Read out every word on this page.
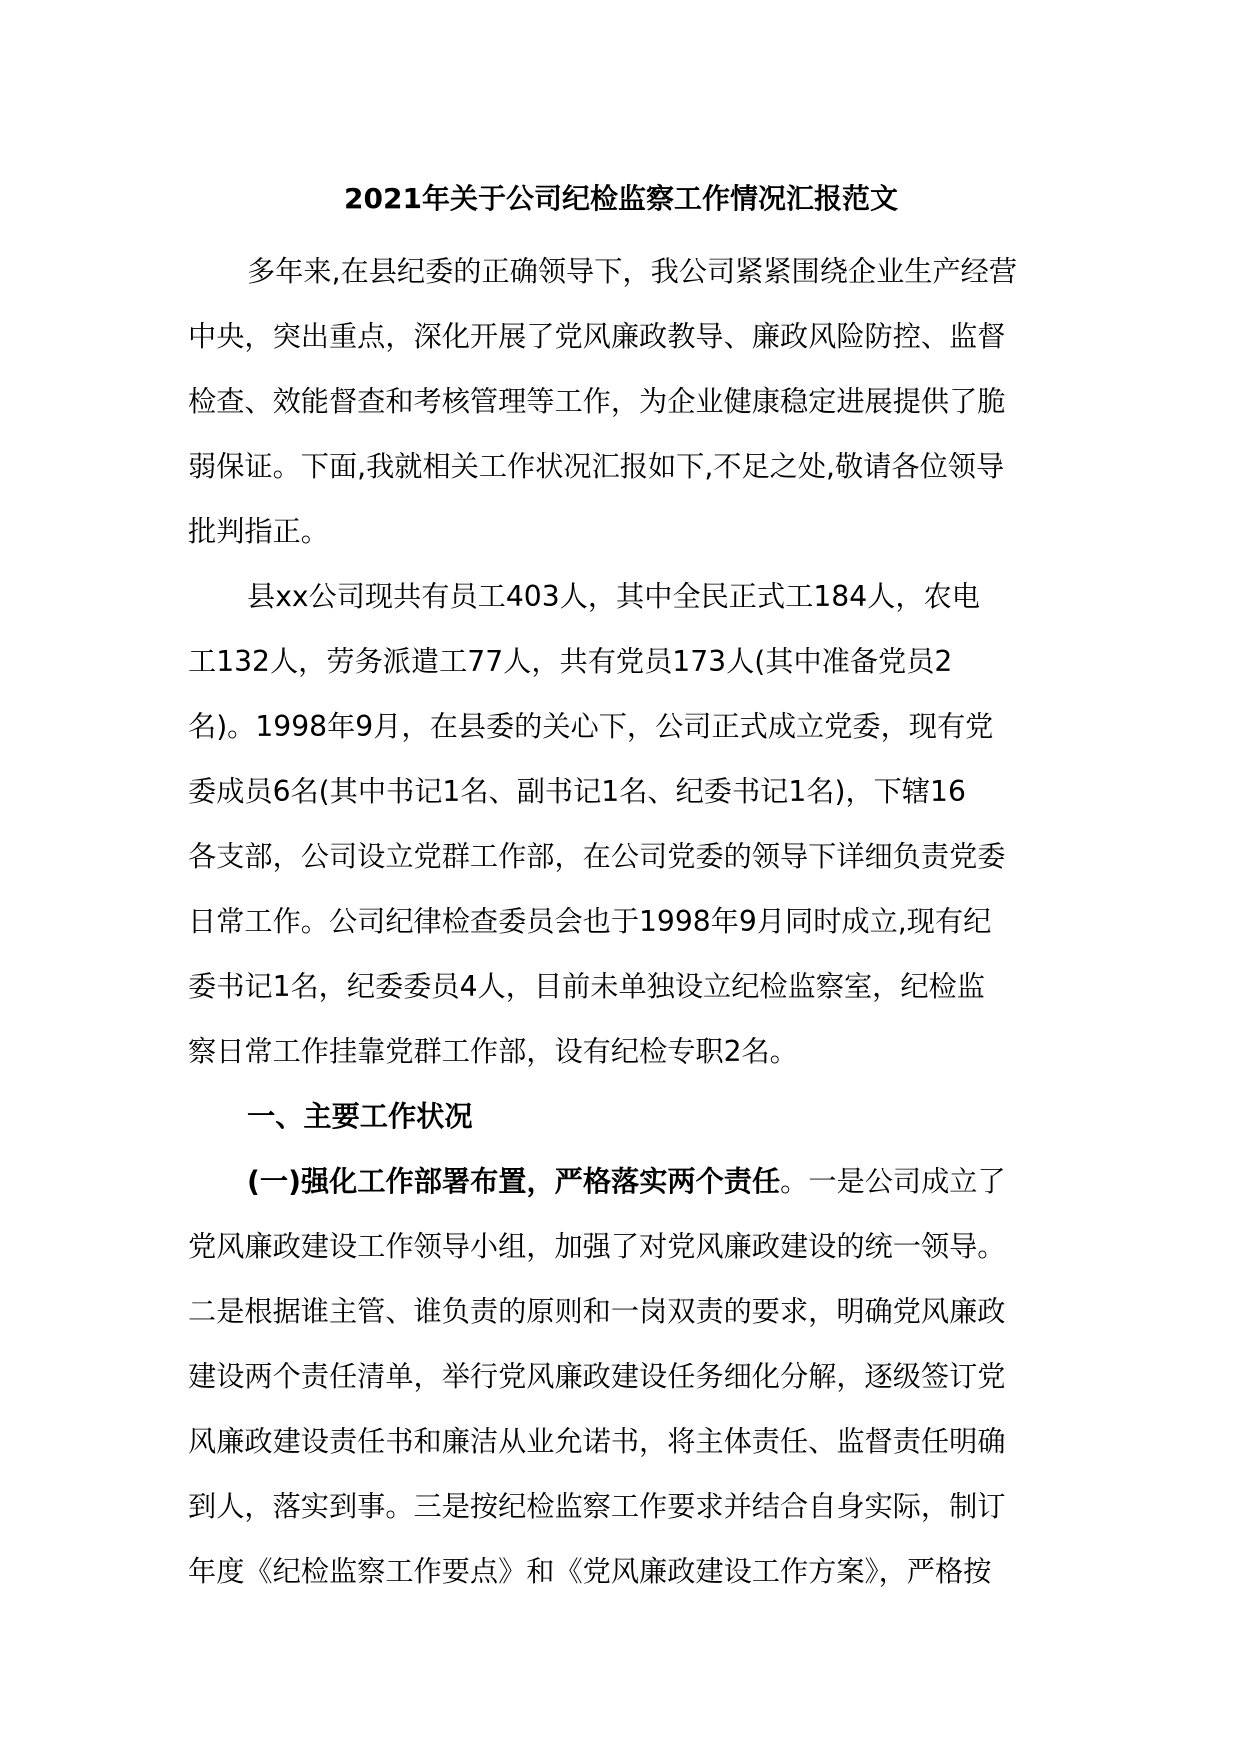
2021年关于公司纪检监察工作情况汇报范文
多年来,在县纪委的正确领导下，我公司紧紧围绕企业生产经营
中央，突出重点，深化开展了党风廉政教导、廉政风险防控、监督
检查、效能督查和考核管理等工作，为企业健康稳定进展提供了脆
弱保证。下面,我就相关工作状况汇报如下,不足之处,敬请各位领导
批判指正。
县xx公司现共有员工403人，其中全民正式工184人，农电
工132人，劳务派遣工77人，共有党员173人(其中准备党员2
名)。1998年9月，在县委的关心下，公司正式成立党委，现有党
委成员6名(其中书记1名、副书记1名、纪委书记1名)，下辖16
各支部，公司设立党群工作部，在公司党委的领导下详细负责党委
日常工作。公司纪律检查委员会也于1998年9月同时成立,现有纪
委书记1名，纪委委员4人，目前未单独设立纪检监察室，纪检监
察日常工作挂靠党群工作部，设有纪检专职2名。
一、主要工作状况
(一)强化工作部署布置，严格落实两个责任。一是公司成立了
党风廉政建设工作领导小组，加强了对党风廉政建设的统一领导。
二是根据谁主管、谁负责的原则和一岗双责的要求，明确党风廉政
建设两个责任清单，举行党风廉政建设任务细化分解，逐级签订党
风廉政建设责任书和廉洁从业允诺书，将主体责任、监督责任明确
到人，落实到事。三是按纪检监察工作要求并结合自身实际，制订
年度《纪检监察工作要点》和《党风廉政建设工作方案》，严格按
